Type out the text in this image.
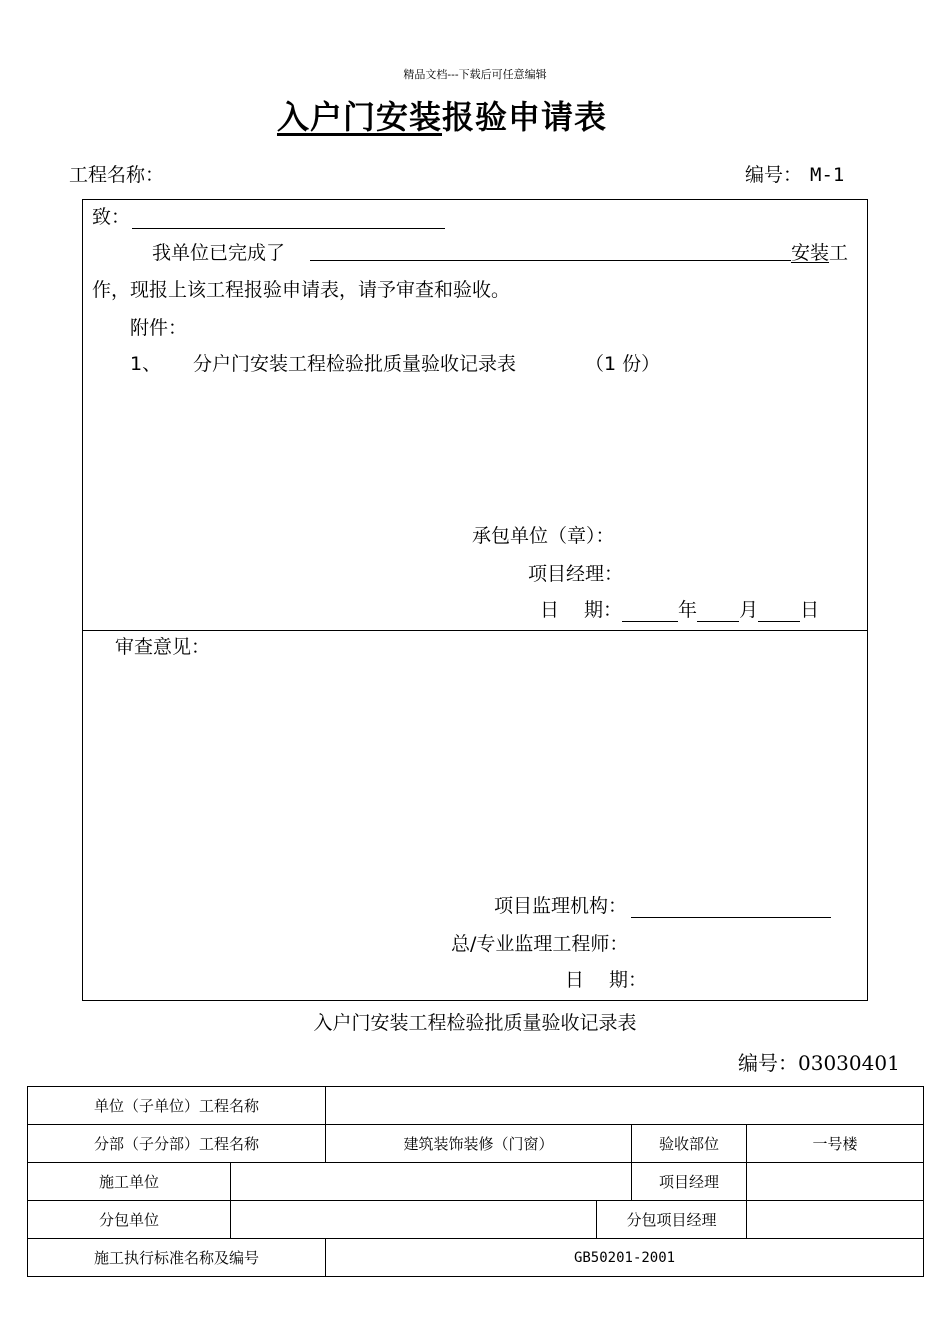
精品文档---下载后可任意编辑
入户门安装报验申请表
工程名称：	编号： M-1
致：
我单位已完成了	安装工
作，现报上该工程报验申请表，请予审查和验收。
附件：
1、 分户门安装工程检验批质量验收记录表	（1 份）
承包单位（章）：
项目经理：
日　 期：	年 月 日
审查意见：
项目监理机构：
总/专业监理工程师：
日　 期：
入户门安装工程检验批质量验收记录表
编号：03030401
单位（子单位）工程名称					
分部（子分部）工程名称		建筑装饰装修（门窗）		验收部位	一号楼
施工单位				项目经理	
分包单位			分包项目经理		
施工执行标准名称及编号		GB50201-2001			
